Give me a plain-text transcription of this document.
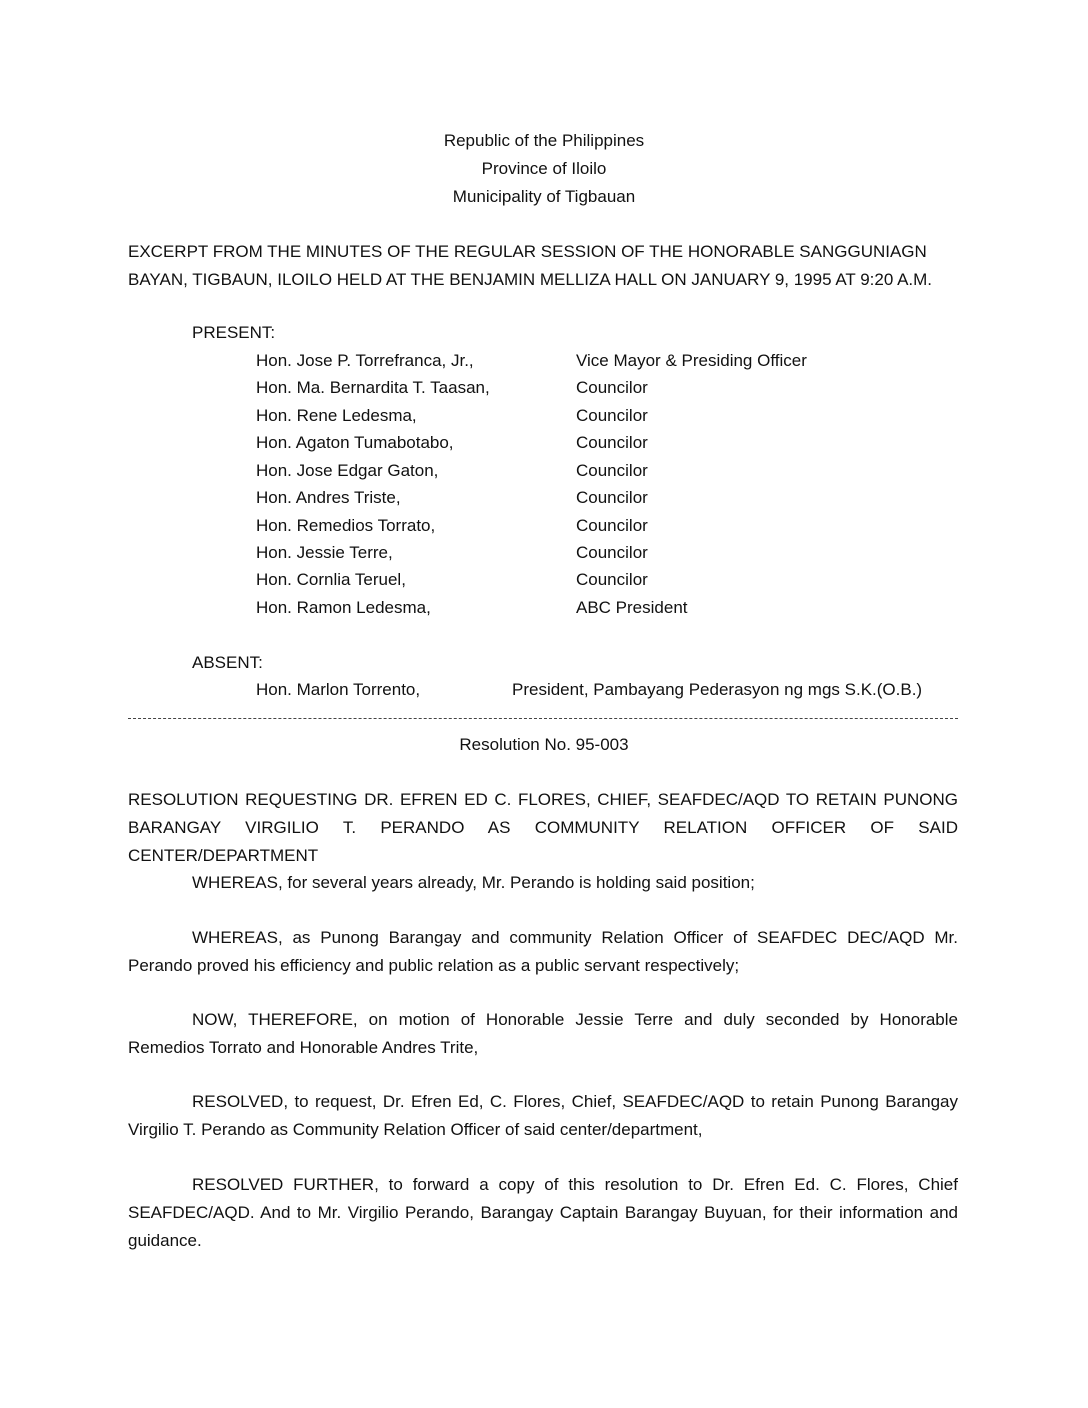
Republic of the Philippines
Province of Iloilo
Municipality of Tigbauan
EXCERPT FROM THE MINUTES OF THE REGULAR SESSION OF THE HONORABLE SANGGUNIAGN BAYAN, TIGBAUN, ILOILO HELD AT THE BENJAMIN MELLIZA HALL ON JANUARY 9, 1995 AT 9:20 A.M.
PRESENT:
Hon. Jose P. Torrefranca, Jr.,	Vice Mayor & Presiding Officer
Hon. Ma. Bernardita T. Taasan,	Councilor
Hon. Rene Ledesma,	Councilor
Hon. Agaton Tumabotabo,	Councilor
Hon. Jose Edgar Gaton,	Councilor
Hon. Andres Triste,	Councilor
Hon. Remedios Torrato,	Councilor
Hon. Jessie Terre,	Councilor
Hon. Cornlia Teruel,	Councilor
Hon. Ramon Ledesma,	ABC President
ABSENT:
Hon. Marlon Torrento,	President, Pambayang Pederasyon ng mgs S.K.(O.B.)
Resolution No. 95-003
RESOLUTION REQUESTING DR. EFREN ED C. FLORES, CHIEF, SEAFDEC/AQD TO RETAIN PUNONG BARANGAY VIRGILIO T. PERANDO AS COMMUNITY RELATION OFFICER OF SAID CENTER/DEPARTMENT
WHEREAS, for several years already, Mr. Perando is holding said position;
WHEREAS, as Punong Barangay and community Relation Officer of SEAFDEC DEC/AQD Mr. Perando proved his efficiency and public relation as a public servant respectively;
NOW, THEREFORE, on motion of Honorable Jessie Terre and duly seconded by Honorable Remedios Torrato and Honorable Andres Trite,
RESOLVED, to request, Dr. Efren Ed, C. Flores, Chief, SEAFDEC/AQD to retain Punong Barangay Virgilio T. Perando as Community Relation Officer of said center/department,
RESOLVED FURTHER, to forward a copy of this resolution to Dr. Efren Ed. C. Flores, Chief SEAFDEC/AQD. And to Mr. Virgilio Perando, Barangay Captain Barangay Buyuan, for their information and guidance.
